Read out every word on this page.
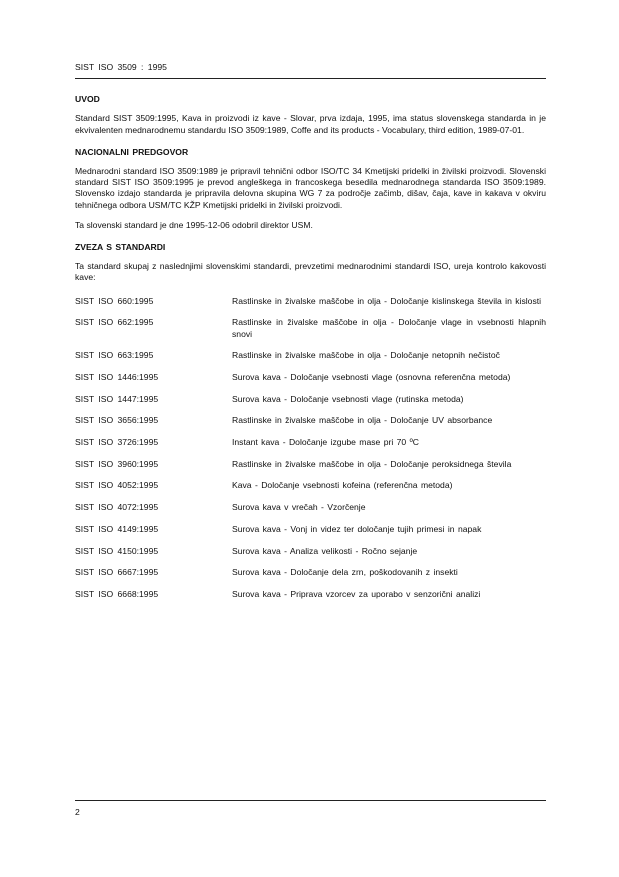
SIST ISO 3509 : 1995
UVOD

Standard SIST 3509:1995, Kava in proizvodi iz kave - Slovar, prva izdaja, 1995, ima status slovenskega standarda in je ekvivalenten mednarodnemu standardu ISO 3509:1989, Coffe and its products - Vocabulary, third edition, 1989-07-01.

NACIONALNI PREDGOVOR

Mednarodni standard ISO 3509:1989 je pripravil tehnični odbor ISO/TC 34 Kmetijski pridelki in živilski proizvodi. Slovenski standard SIST ISO 3509:1995 je prevod angleškega in francoskega besedila mednarodnega standarda ISO 3509:1989. Slovensko izdajo standarda je pripravila delovna skupina WG 7 za področje začimb, dišav, čaja, kave in kakava v okviru tehničnega odbora USM/TC KŽP Kmetijski pridelki in živilski proizvodi.

Ta slovenski standard je dne 1995-12-06 odobril direktor USM.

ZVEZA S STANDARDI

Ta standard skupaj z naslednjimi slovenskimi standardi, prevzetimi mednarodnimi standardi ISO, ureja kontrolo kakovosti kave:

SIST ISO 660:1995	Rastlinske in živalske maščobe in olja - Določanje kislinskega števila in kislosti
SIST ISO 662:1995	Rastlinske in živalske maščobe in olja - Določanje vlage in vsebnosti hlapnih snovi
SIST ISO 663:1995	Rastlinske in živalske maščobe in olja - Določanje netopnih nečistoč
SIST ISO 1446:1995	Surova kava - Določanje vsebnosti vlage (osnovna referenčna metoda)
SIST ISO 1447:1995	Surova kava - Določanje vsebnosti vlage (rutinska metoda)
SIST ISO 3656:1995	Rastlinske in živalske maščobe in olja - Določanje UV absorbance
SIST ISO 3726:1995	Instant kava - Določanje izgube mase pri 70 ºC
SIST ISO 3960:1995	Rastlinske in živalske maščobe in olja - Določanje peroksidnega števila
SIST ISO 4052:1995	Kava - Določanje vsebnosti kofeina (referenčna metoda)
SIST ISO 4072:1995	Surova kava v vrečah - Vzorčenje
SIST ISO 4149:1995	Surova kava - Vonj in videz ter določanje tujih primesi in napak
SIST ISO 4150:1995	Surova kava - Analiza velikosti - Ročno sejanje
SIST ISO 6667:1995	Surova kava - Določanje dela zrn, poškodovanih z insekti
SIST ISO 6668:1995	Surova kava - Priprava vzorcev za uporabo v senzorični analizi
2
